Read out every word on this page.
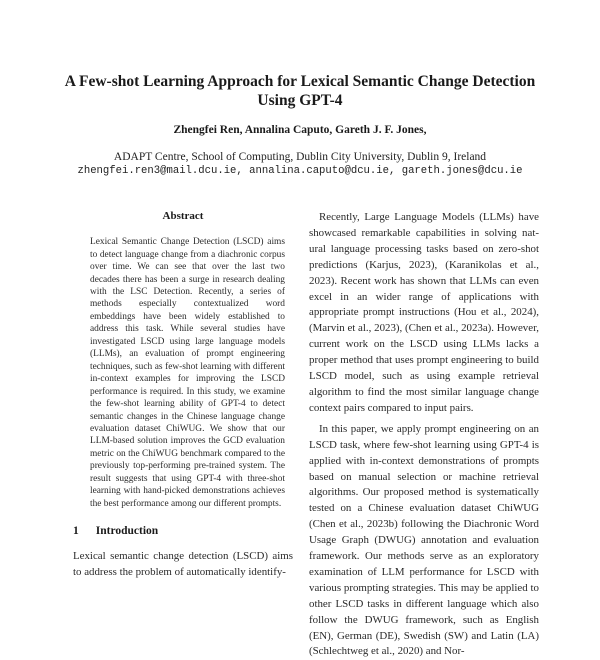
A Few-shot Learning Approach for Lexical Semantic Change Detection
Using GPT-4
Zhengfei Ren, Annalina Caputo, Gareth J. F. Jones,
ADAPT Centre, School of Computing, Dublin City University, Dublin 9, Ireland
zhengfei.ren3@mail.dcu.ie, annalina.caputo@dcu.ie, gareth.jones@dcu.ie
Abstract
Lexical Semantic Change Detection (LSCD) aims to detect language change from a diachronic corpus over time. We can see that over the last two decades there has been a surge in research dealing with the LSC Detection. Recently, a series of methods especially contextualized word embeddings have been widely established to address this task. While several studies have investigated LSCD using large language models (LLMs), an evaluation of prompt engineering techniques, such as few-shot learning with different in-context examples for improving the LSCD performance is required. In this study, we examine the few-shot learning ability of GPT-4 to detect semantic changes in the Chinese language change evaluation dataset ChiWUG. We show that our LLM-based solution improves the GCD evaluation metric on the ChiWUG benchmark compared to the previously top-performing pre-trained system. The result suggests that using GPT-4 with three-shot learning with hand-picked demonstrations achieves the best performance among our different prompts.
1 Introduction
Lexical semantic change detection (LSCD) aims to address the problem of automatically identify-

Recently, Large Language Models (LLMs) have showcased remarkable capabilities in solving natural language processing tasks based on zero-shot predictions (Karjus, 2023), (Karanikolas et al., 2023). Recent work has shown that LLMs can even excel in an wider range of applications with appropriate prompt instructions (Hou et al., 2024), (Marvin et al., 2023), (Chen et al., 2023a). However, current work on the LSCD using LLMs lacks a proper method that uses prompt engineering to build LSCD model, such as using example retrieval algorithm to find the most similar language change context pairs compared to input pairs.

In this paper, we apply prompt engineering on an LSCD task, where few-shot learning using GPT-4 is applied with in-context demonstrations of prompts based on manual selection or machine retrieval algorithms. Our proposed method is systematically tested on a Chinese evaluation dataset ChiWUG (Chen et al., 2023b) following the Diachronic Word Usage Graph (DWUG) annotation and evaluation framework. Our methods serve as an exploratory examination of LLM performance for LSCD with various prompting strategies. This may be applied to other LSCD tasks in different language which also follow the DWUG framework, such as English (EN), German (DE), Swedish (SW) and Latin (LA) (Schlechtweg et al., 2020) and Nor-
